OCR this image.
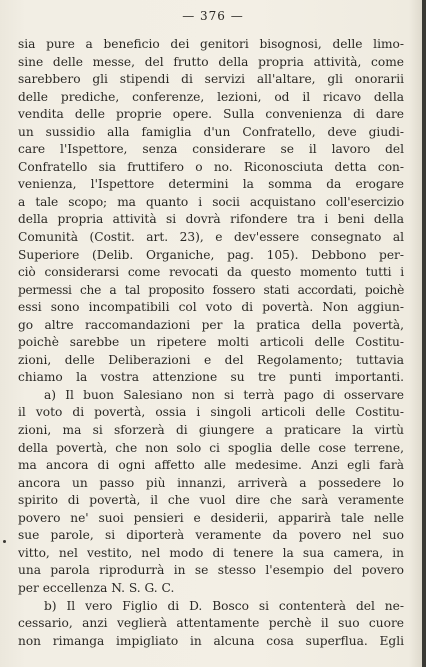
— 376 —
sia pure a beneficio dei genitori bisognosi, delle limo-
sine delle messe, del frutto della propria attività, come
sarebbero gli stipendi di servizi all'altare, gli onorarii
delle prediche, conferenze, lezioni, od il ricavo della
vendita delle proprie opere. Sulla convenienza di dare
un sussidio alla famiglia d'un Confratello, deve giudi-
care l'Ispettore, senza considerare se il lavoro del
Confratello sia fruttifero o no. Riconosciuta detta con-
venienza, l'Ispettore determini la somma da erogare
a tale scopo; ma quanto i socii acquistano coll'esercizio
della propria attività si dovrà rifondere tra i beni della
Comunità (Costit. art. 23), e dev'essere consegnato al
Superiore (Delib. Organiche, pag. 105). Debbono per-
ciò considerarsi come revocati da questo momento tutti i
permessi che a tal proposito fossero stati accordati, poichè
essi sono incompatibili col voto di povertà. Non aggiun-
go altre raccomandazioni per la pratica della povertà,
poichè sarebbe un ripetere molti articoli delle Costitu-
zioni, delle Deliberazioni e del Regolamento; tuttavia
chiamo la vostra attenzione su tre punti importanti.
a) Il buon Salesiano non si terrà pago di osservare
il voto di povertà, ossia i singoli articoli delle Costitu-
zioni, ma si sforzerà di giungere a praticare la virtù
della povertà, che non solo ci spoglia delle cose terrene,
ma ancora di ogni affetto alle medesime. Anzi egli farà
ancora un passo più innanzi, arriverà a possedere lo
spirito di povertà, il che vuol dire che sarà veramente
povero ne' suoi pensieri e desiderii, apparirà tale nelle
sue parole, si diporterà veramente da povero nel suo
vitto, nel vestito, nel modo di tenere la sua camera, in
una parola riprodurrà in se stesso l'esempio del povero
per eccellenza N. S. G. C.
b) Il vero Figlio di D. Bosco si contenterà del ne-
cessario, anzi veglierà attentamente perchè il suo cuore
non rimanga impigliato in alcuna cosa superflua. Egli
